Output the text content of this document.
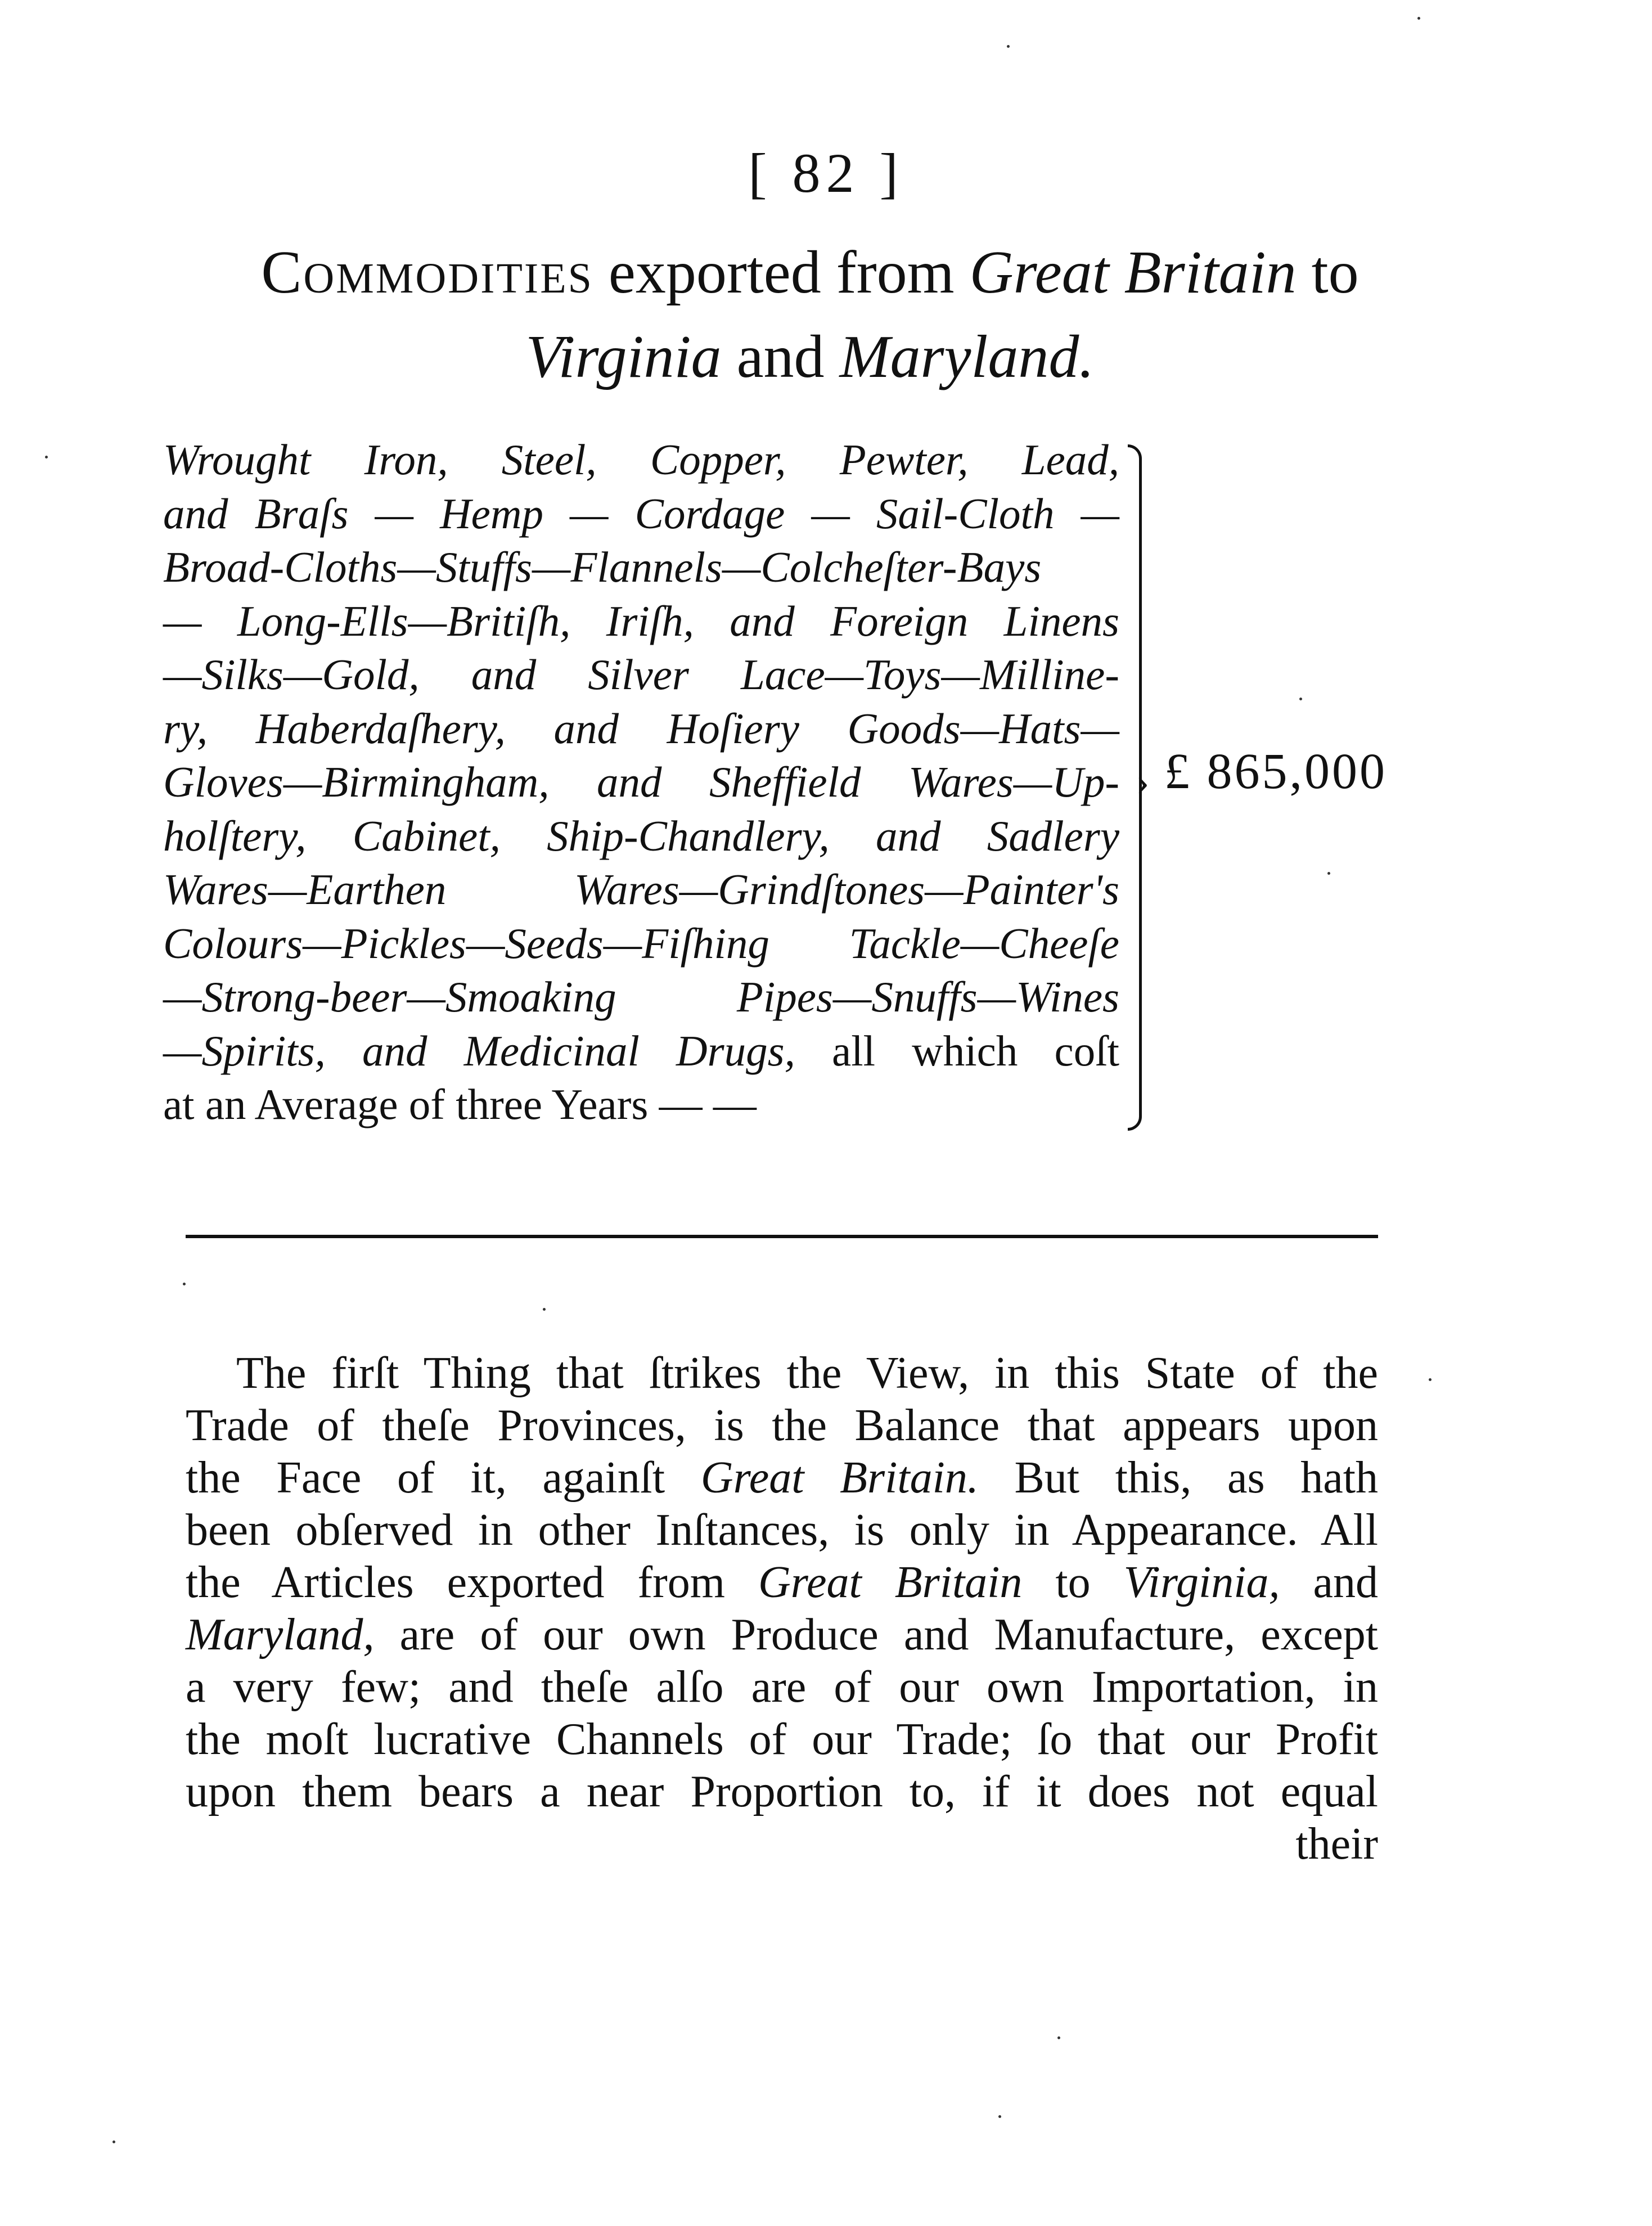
[ 82 ]
Commodities exported from Great Britain to
Virginia and Maryland.
Wrought Iron, Steel, Copper, Pewter, Lead,
and Braſs — Hemp — Cordage — Sail-Cloth —
Broad-Cloths—Stuffs—Flannels—Colcheſter-Bays
— Long-Ells—Britiſh, Iriſh, and Foreign Linens
—Silks—Gold, and Silver Lace—Toys—Milline-
ry, Haberdaſhery, and Hoſiery Goods—Hats—
Gloves—Birmingham, and Sheffield Wares—Up-
holſtery, Cabinet, Ship-Chandlery, and Sadlery
Wares—Earthen Wares—Grindſtones—Painter's
Colours—Pickles—Seeds—Fiſhing Tackle—Cheeſe
—Strong-beer—Smoaking Pipes—Snuffs—Wines
—Spirits, and Medicinal Drugs, all which coſt
at an Average of three Years — —
› £ 865,000
The firſt Thing that ſtrikes the View, in this State of the
Trade of theſe Provinces, is the Balance that appears upon
the Face of it, againſt Great Britain. But this, as hath
been obſerved in other Inſtances, is only in Appearance. All
the Articles exported from Great Britain to Virginia, and
Maryland, are of our own Produce and Manufacture, except
a very few; and theſe alſo are of our own Importation, in
the moſt lucrative Channels of our Trade; ſo that our Profit
upon them bears a near Proportion to, if it does not equal
their
